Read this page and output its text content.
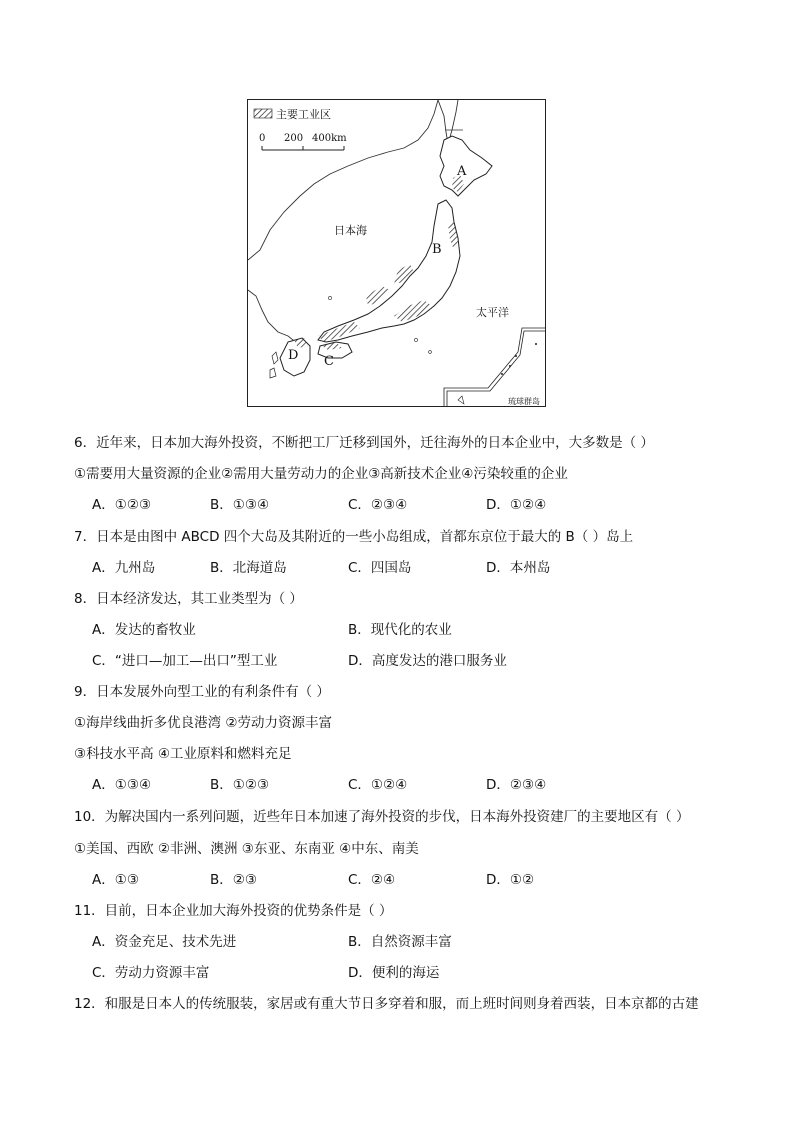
主要工业区
0 200 400km
日本海
太平洋
A
B
C
D
琉球群岛
6．近年来，日本加大海外投资，不断把工厂迁移到国外，迁往海外的日本企业中，大多数是（ ）
①需要用大量资源的企业②需用大量劳动力的企业③高新技术企业④污染较重的企业
A．①②③	B．①③④	C．②③④	D．①②④
7．日本是由图中 ABCD 四个大岛及其附近的一些小岛组成，首都东京位于最大的 B（ ）岛上
A．九州岛	B．北海道岛	C．四国岛	D．本州岛
8．日本经济发达，其工业类型为（ ）
A．发达的畜牧业	B．现代化的农业
C．“进口—加工—出口”型工业	D．高度发达的港口服务业
9．日本发展外向型工业的有利条件有（ ）
①海岸线曲折多优良港湾 ②劳动力资源丰富
③科技水平高 ④工业原料和燃料充足
A．①③④	B．①②③	C．①②④	D．②③④
10．为解决国内一系列问题，近些年日本加速了海外投资的步伐，日本海外投资建厂的主要地区有（ ）
①美国、西欧 ②非洲、澳洲 ③东亚、东南亚 ④中东、南美
A．①③	B．②③	C．②④	D．①②
11．目前，日本企业加大海外投资的优势条件是（ ）
A．资金充足、技术先进	B．自然资源丰富
C．劳动力资源丰富	D．便利的海运
12．和服是日本人的传统服装，家居或有重大节日多穿着和服，而上班时间则身着西装，日本京都的古建
